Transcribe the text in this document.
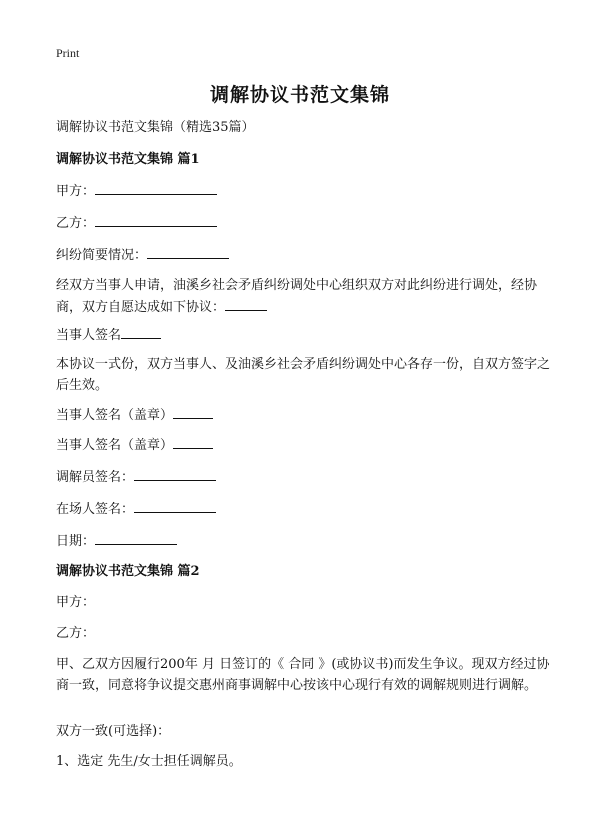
Print
调解协议书范文集锦
调解协议书范文集锦（精选35篇）
调解协议书范文集锦 篇1
甲方：
乙方：
纠纷简要情况：
经双方当事人申请，油溪乡社会矛盾纠纷调处中心组织双方对此纠纷进行调处，经协商，双方自愿达成如下协议：
当事人签名
本协议一式份，双方当事人、及油溪乡社会矛盾纠纷调处中心各存一份，自双方签字之后生效。
当事人签名（盖章）
当事人签名（盖章）
调解员签名：
在场人签名：
日期：
调解协议书范文集锦 篇2
甲方：
乙方：
甲、乙双方因履行200年 月 日签订的《 合同 》(或协议书)而发生争议。现双方经过协商一致，同意将争议提交惠州商事调解中心按该中心现行有效的调解规则进行调解。
双方一致(可选择)：
1、选定 先生/女士担任调解员。
